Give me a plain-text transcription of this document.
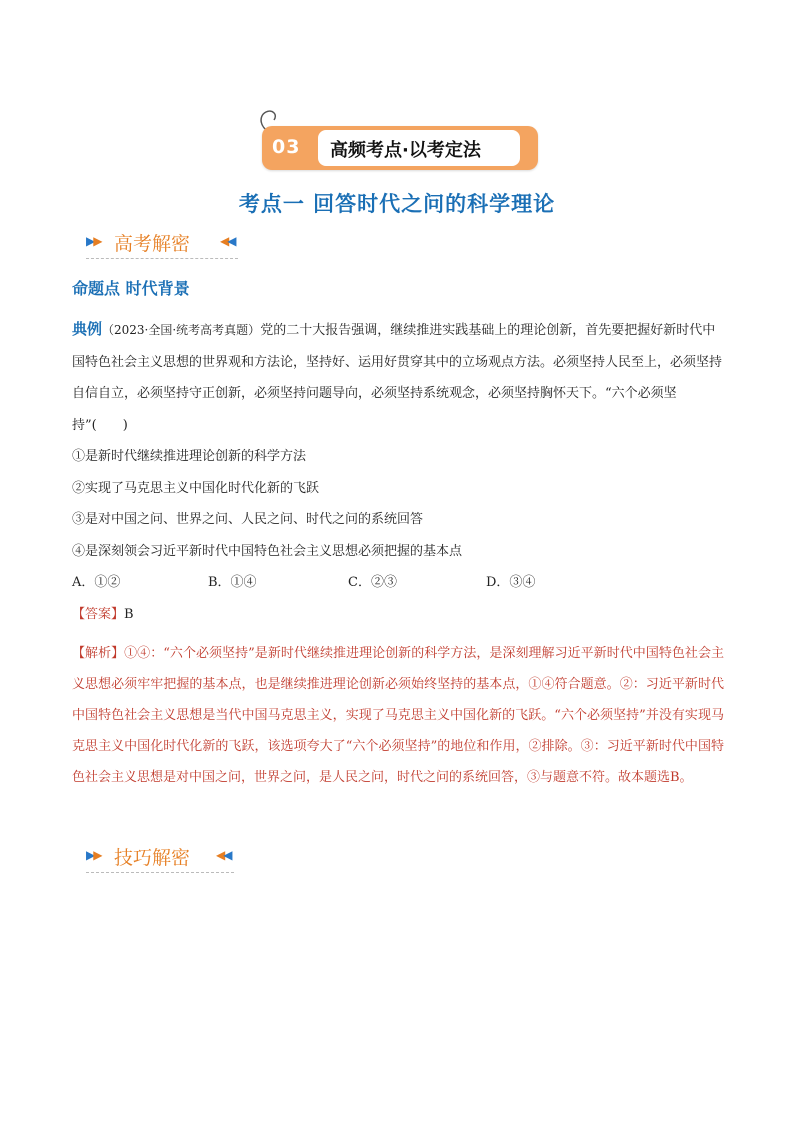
03 高频考点·以考定法
考点一 回答时代之问的科学理论
▶▶ 高考解密 ◀◀
命题点 时代背景

典例（2023·全国·统考高考真题）党的二十大报告强调，继续推进实践基础上的理论创新，首先要把握好新时代中国特色社会主义思想的世界观和方法论，坚持好、运用好贯穿其中的立场观点方法。必须坚持人民至上，必须坚持自信自立，必须坚持守正创新，必须坚持问题导向，必须坚持系统观念，必须坚持胸怀天下。“六个必须坚持”(　　)

①是新时代继续推进理论创新的科学方法

②实现了马克思主义中国化时代化新的飞跃

③是对中国之问、世界之问、人民之问、时代之问的系统回答

④是深刻领会习近平新时代中国特色社会主义思想必须把握的基本点

A．①②	B．①④	C．②③	D．③④

【答案】B

【解析】①④：“六个必须坚持”是新时代继续推进理论创新的科学方法，是深刻理解习近平新时代中国特色社会主义思想必须牢牢把握的基本点，也是继续推进理论创新必须始终坚持的基本点，①④符合题意。②：习近平新时代中国特色社会主义思想是当代中国马克思主义，实现了马克思主义中国化新的飞跃。“六个必须坚持”并没有实现马克思主义中国化时代化新的飞跃，该选项夸大了“六个必须坚持”的地位和作用，②排除。③：习近平新时代中国特色社会主义思想是对中国之问，世界之问，是人民之问，时代之问的系统回答，③与题意不符。故本题选B。

▶▶ 技巧解密 ◀◀
